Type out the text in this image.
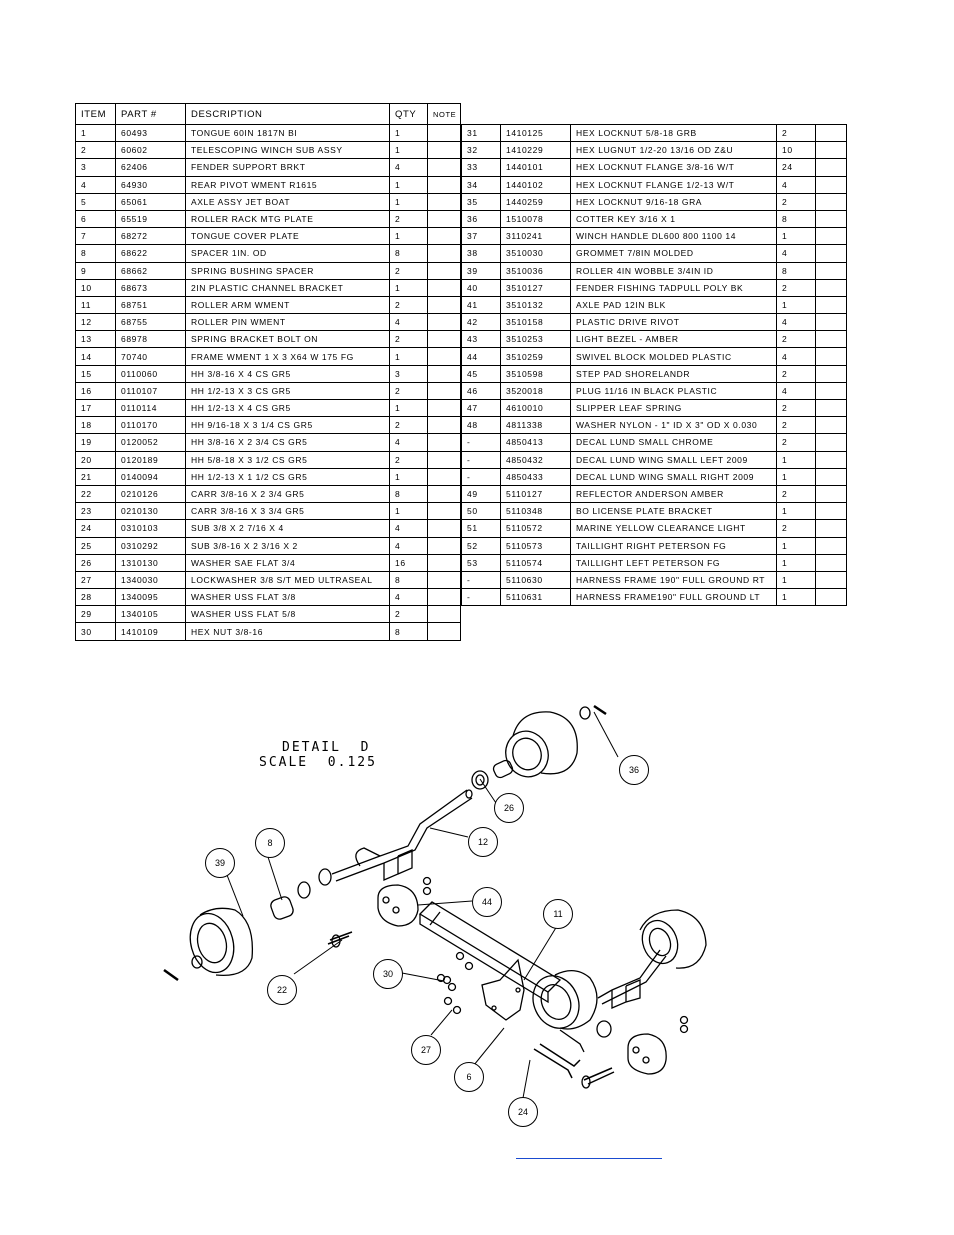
ITEM	PART #	DESCRIPTION	QTY	NOTE
1	60493	TONGUE 60IN 1817N BI	1	
2	60602	TELESCOPING WINCH SUB ASSY	1	
3	62406	FENDER SUPPORT BRKT	4	
4	64930	REAR PIVOT WMENT R1615	1	
5	65061	AXLE ASSY JET BOAT	1	
6	65519	ROLLER RACK MTG PLATE	2	
7	68272	TONGUE COVER PLATE	1	
8	68622	SPACER 1IN. OD	8	
9	68662	SPRING BUSHING SPACER	2	
10	68673	2IN PLASTIC CHANNEL BRACKET	1	
11	68751	ROLLER ARM WMENT	2	
12	68755	ROLLER PIN WMENT	4	
13	68978	SPRING BRACKET BOLT ON	2	
14	70740	FRAME WMENT 1 X 3 X64 W 175 FG	1	
15	0110060	HH 3/8-16 X 4 CS GR5	3	
16	0110107	HH 1/2-13 X 3 CS GR5	2	
17	0110114	HH 1/2-13 X 4 CS GR5	1	
18	0110170	HH 9/16-18 X 3 1/4 CS GR5	2	
19	0120052	HH 3/8-16 X 2 3/4 CS GR5	4	
20	0120189	HH 5/8-18 X 3 1/2 CS GR5	2	
21	0140094	HH 1/2-13 X 1 1/2 CS GR5	1	
22	0210126	CARR 3/8-16 X 2 3/4 GR5	8	
23	0210130	CARR 3/8-16 X 3 3/4 GR5	1	
24	0310103	SUB 3/8 X 2 7/16 X 4	4	
25	0310292	SUB 3/8-16 X 2 3/16 X 2	4	
26	1310130	WASHER SAE FLAT 3/4	16	
27	1340030	LOCKWASHER 3/8 S/T MED ULTRASEAL	8	
28	1340095	WASHER USS FLAT 3/8	4	
29	1340105	WASHER USS FLAT 5/8	2	
30	1410109	HEX NUT 3/8-16	8	
31	1410125	HEX LOCKNUT 5/8-18 GRB	2	
32	1410229	HEX LUGNUT 1/2-20 13/16 OD Z&U	10	
33	1440101	HEX LOCKNUT FLANGE 3/8-16 W/T	24	
34	1440102	HEX LOCKNUT FLANGE 1/2-13 W/T	4	
35	1440259	HEX LOCKNUT 9/16-18 GRA	2	
36	1510078	COTTER KEY 3/16 X 1	8	
37	3110241	WINCH HANDLE DL600 800 1100 14	1	
38	3510030	GROMMET 7/8IN MOLDED	4	
39	3510036	ROLLER 4IN WOBBLE 3/4IN ID	8	
40	3510127	FENDER FISHING TADPULL POLY BK	2	
41	3510132	AXLE PAD 12IN BLK	1	
42	3510158	PLASTIC DRIVE RIVOT	4	
43	3510253	LIGHT BEZEL - AMBER	2	
44	3510259	SWIVEL BLOCK MOLDED PLASTIC	4	
45	3510598	STEP PAD SHORELANDR	2	
46	3520018	PLUG 11/16 IN BLACK PLASTIC	4	
47	4610010	SLIPPER LEAF SPRING	2	
48	4811338	WASHER NYLON - 1" ID X 3" OD X 0.030	2	
-	4850413	DECAL LUND SMALL CHROME	2	
-	4850432	DECAL LUND WING SMALL LEFT 2009	1	
-	4850433	DECAL LUND WING SMALL RIGHT 2009	1	
49	5110127	REFLECTOR ANDERSON AMBER	2	
50	5110348	BO LICENSE PLATE BRACKET	1	
51	5110572	MARINE YELLOW CLEARANCE LIGHT	2	
52	5110573	TAILLIGHT RIGHT PETERSON FG	1	
53	5110574	TAILLIGHT LEFT PETERSON FG	1	
-	5110630	HARNESS FRAME 190" FULL GROUND RT	1	
-	5110631	HARNESS FRAME190" FULL GROUND LT	1	
DETAIL  D
SCALE  0.125	36
26
12
8
39
44
11
30
22
27
6
24
